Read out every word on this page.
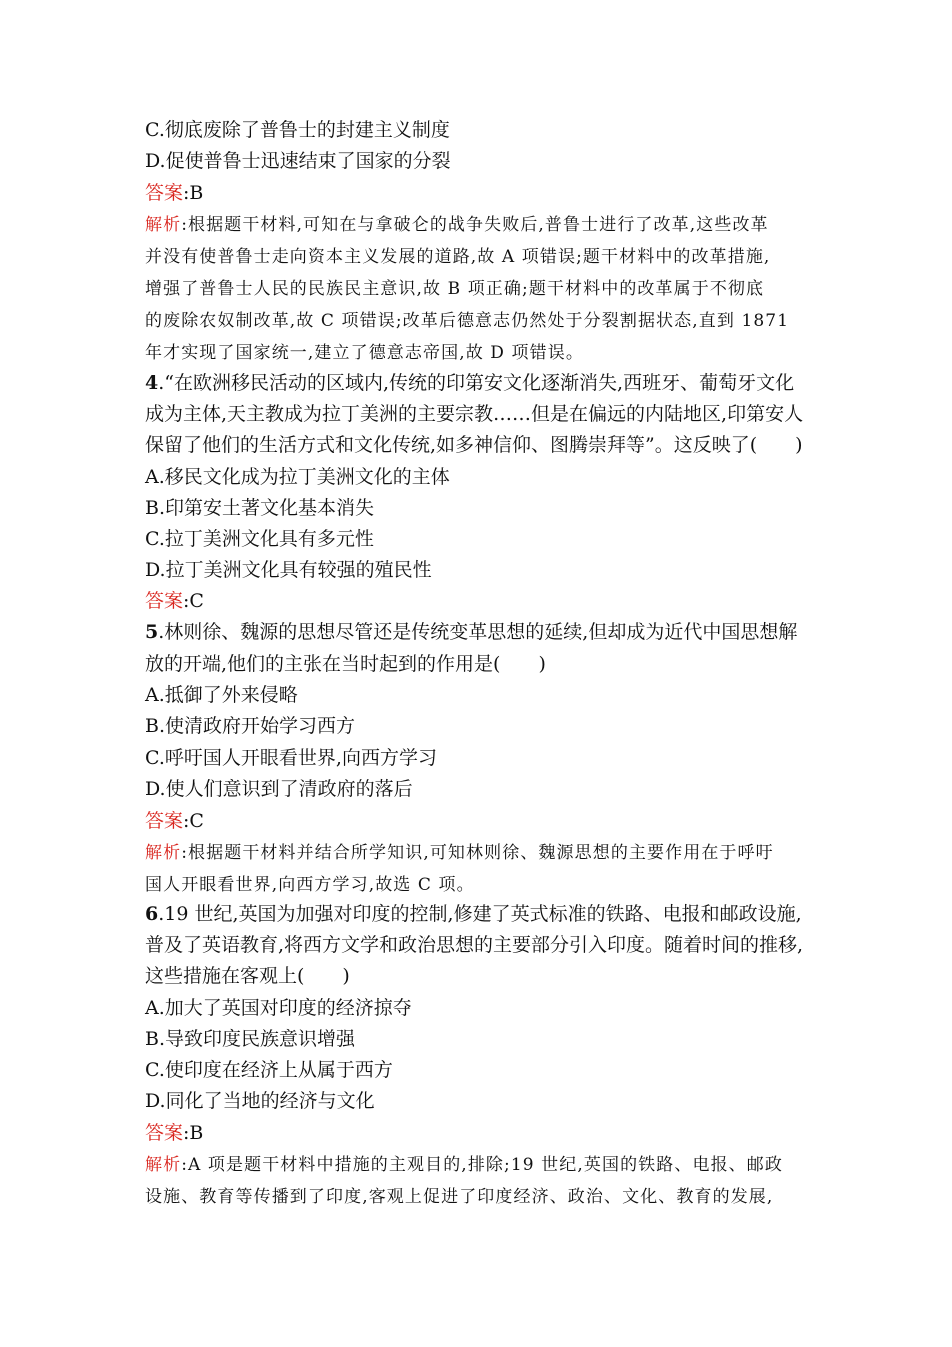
C.彻底废除了普鲁士的封建主义制度
D.促使普鲁士迅速结束了国家的分裂
答案:B
解析:根据题干材料,可知在与拿破仑的战争失败后,普鲁士进行了改革,这些改革
并没有使普鲁士走向资本主义发展的道路,故 A 项错误;题干材料中的改革措施,
增强了普鲁士人民的民族民主意识,故 B 项正确;题干材料中的改革属于不彻底
的废除农奴制改革,故 C 项错误;改革后德意志仍然处于分裂割据状态,直到 1871
年才实现了国家统一,建立了德意志帝国,故 D 项错误。
4.“在欧洲移民活动的区域内,传统的印第安文化逐渐消失,西班牙、葡萄牙文化
成为主体,天主教成为拉丁美洲的主要宗教……但是在偏远的内陆地区,印第安人
保留了他们的生活方式和文化传统,如多神信仰、图腾崇拜等”。这反映了(　　)
A.移民文化成为拉丁美洲文化的主体
B.印第安土著文化基本消失
C.拉丁美洲文化具有多元性
D.拉丁美洲文化具有较强的殖民性
答案:C
5.林则徐、魏源的思想尽管还是传统变革思想的延续,但却成为近代中国思想解
放的开端,他们的主张在当时起到的作用是(　　)
A.抵御了外来侵略
B.使清政府开始学习西方
C.呼吁国人开眼看世界,向西方学习
D.使人们意识到了清政府的落后
答案:C
解析:根据题干材料并结合所学知识,可知林则徐、魏源思想的主要作用在于呼吁
国人开眼看世界,向西方学习,故选 C 项。
6.19 世纪,英国为加强对印度的控制,修建了英式标准的铁路、电报和邮政设施,
普及了英语教育,将西方文学和政治思想的主要部分引入印度。随着时间的推移,
这些措施在客观上(　　)
A.加大了英国对印度的经济掠夺
B.导致印度民族意识增强
C.使印度在经济上从属于西方
D.同化了当地的经济与文化
答案:B
解析:A 项是题干材料中措施的主观目的,排除;19 世纪,英国的铁路、电报、邮政
设施、教育等传播到了印度,客观上促进了印度经济、政治、文化、教育的发展,
